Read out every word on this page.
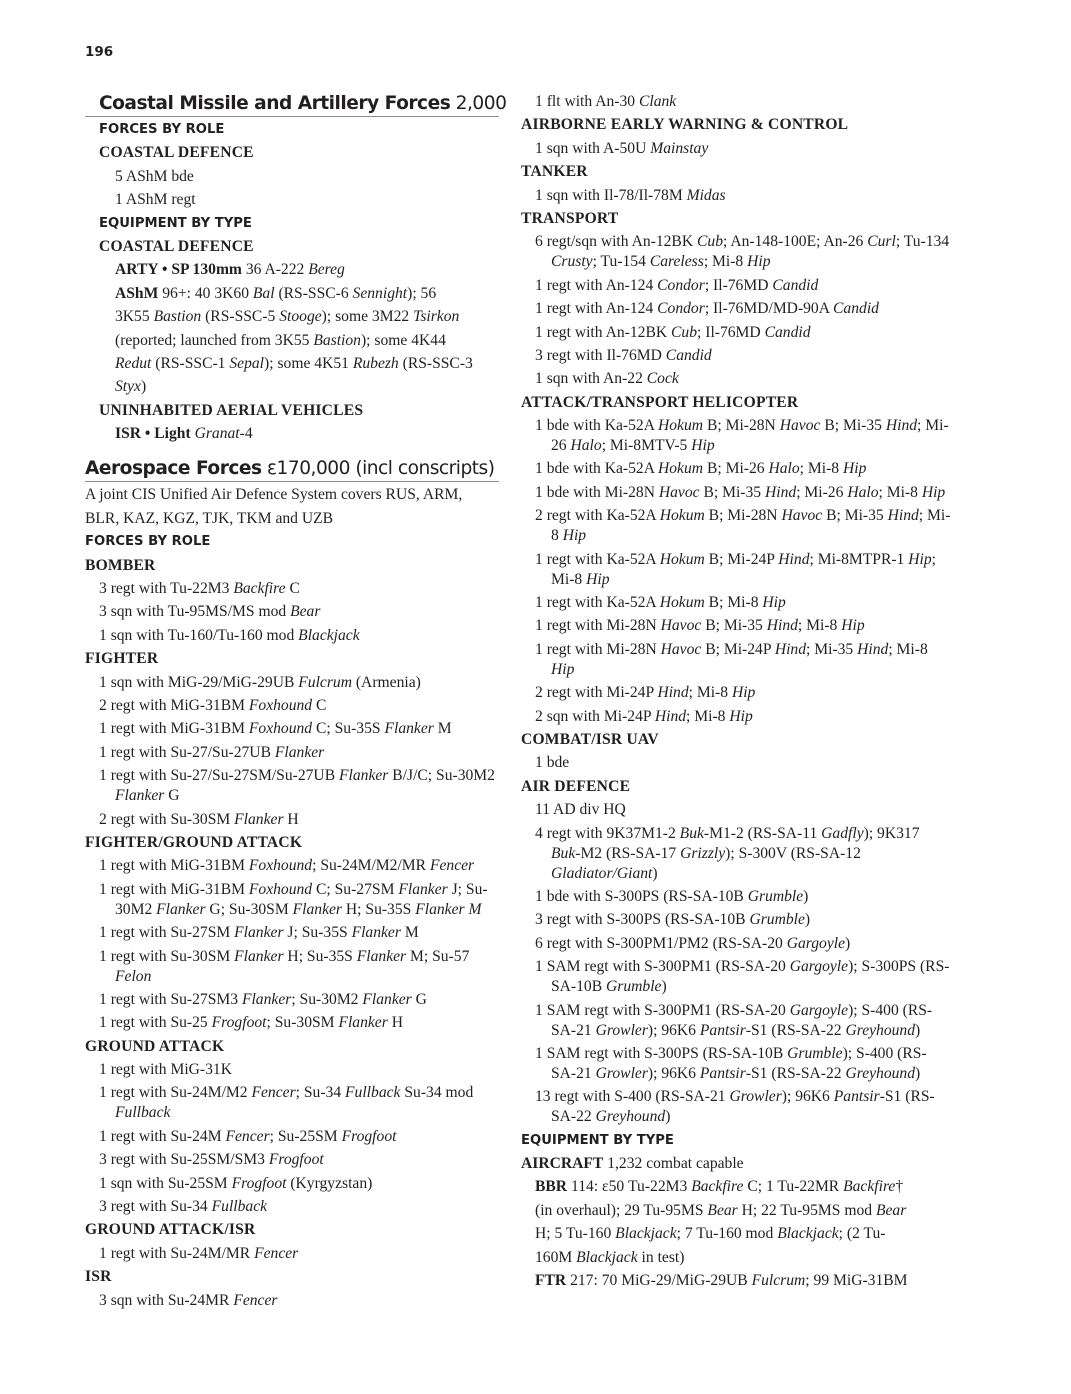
196
Coastal Missile and Artillery Forces 2,000
FORCES BY ROLE
COASTAL DEFENCE
5 AShM bde
1 AShM regt
EQUIPMENT BY TYPE
COASTAL DEFENCE
ARTY • SP 130mm 36 A-222 Bereg
AShM 96+: 40 3K60 Bal (RS-SSC-6 Sennight); 56
3K55 Bastion (RS-SSC-5 Stooge); some 3M22 Tsirkon
(reported; launched from 3K55 Bastion); some 4K44
Redut (RS-SSC-1 Sepal); some 4K51 Rubezh (RS-SSC-3
Styx)
UNINHABITED AERIAL VEHICLES
ISR • Light Granat-4
Aerospace Forces ε170,000 (incl conscripts)
A joint CIS Unified Air Defence System covers RUS, ARM,
BLR, KAZ, KGZ, TJK, TKM and UZB
FORCES BY ROLE
BOMBER
3 regt with Tu-22M3 Backfire C
3 sqn with Tu-95MS/MS mod Bear
1 sqn with Tu-160/Tu-160 mod Blackjack
FIGHTER
1 sqn with MiG-29/MiG-29UB Fulcrum (Armenia)
2 regt with MiG-31BM Foxhound C
1 regt with MiG-31BM Foxhound C; Su-35S Flanker M
1 regt with Su-27/Su-27UB Flanker
1 regt with Su-27/Su-27SM/Su-27UB Flanker B/J/C; Su-30M2 Flanker G
2 regt with Su-30SM Flanker H
FIGHTER/GROUND ATTACK
1 regt with MiG-31BM Foxhound; Su-24M/M2/MR Fencer
1 regt with MiG-31BM Foxhound C; Su-27SM Flanker J; Su-30M2 Flanker G; Su-30SM Flanker H; Su-35S Flanker M
1 regt with Su-27SM Flanker J; Su-35S Flanker M
1 regt with Su-30SM Flanker H; Su-35S Flanker M; Su-57 Felon
1 regt with Su-27SM3 Flanker; Su-30M2 Flanker G
1 regt with Su-25 Frogfoot; Su-30SM Flanker H
GROUND ATTACK
1 regt with MiG-31K
1 regt with Su-24M/M2 Fencer; Su-34 Fullback Su-34 mod Fullback
1 regt with Su-24M Fencer; Su-25SM Frogfoot
3 regt with Su-25SM/SM3 Frogfoot
1 sqn with Su-25SM Frogfoot (Kyrgyzstan)
3 regt with Su-34 Fullback
GROUND ATTACK/ISR
1 regt with Su-24M/MR Fencer
ISR
3 sqn with Su-24MR Fencer
1 flt with An-30 Clank
AIRBORNE EARLY WARNING & CONTROL
1 sqn with A-50U Mainstay
TANKER
1 sqn with Il-78/Il-78M Midas
TRANSPORT
6 regt/sqn with An-12BK Cub; An-148-100E; An-26 Curl; Tu-134 Crusty; Tu-154 Careless; Mi-8 Hip
1 regt with An-124 Condor; Il-76MD Candid
1 regt with An-124 Condor; Il-76MD/MD-90A Candid
1 regt with An-12BK Cub; Il-76MD Candid
3 regt with Il-76MD Candid
1 sqn with An-22 Cock
ATTACK/TRANSPORT HELICOPTER
1 bde with Ka-52A Hokum B; Mi-28N Havoc B; Mi-35 Hind; Mi-26 Halo; Mi-8MTV-5 Hip
1 bde with Ka-52A Hokum B; Mi-26 Halo; Mi-8 Hip
1 bde with Mi-28N Havoc B; Mi-35 Hind; Mi-26 Halo; Mi-8 Hip
2 regt with Ka-52A Hokum B; Mi-28N Havoc B; Mi-35 Hind; Mi-8 Hip
1 regt with Ka-52A Hokum B; Mi-24P Hind; Mi-8MTPR-1 Hip; Mi-8 Hip
1 regt with Ka-52A Hokum B; Mi-8 Hip
1 regt with Mi-28N Havoc B; Mi-35 Hind; Mi-8 Hip
1 regt with Mi-28N Havoc B; Mi-24P Hind; Mi-35 Hind; Mi-8 Hip
2 regt with Mi-24P Hind; Mi-8 Hip
2 sqn with Mi-24P Hind; Mi-8 Hip
COMBAT/ISR UAV
1 bde
AIR DEFENCE
11 AD div HQ
4 regt with 9K37M1-2 Buk-M1-2 (RS-SA-11 Gadfly); 9K317 Buk-M2 (RS-SA-17 Grizzly); S-300V (RS-SA-12 Gladiator/Giant)
1 bde with S-300PS (RS-SA-10B Grumble)
3 regt with S-300PS (RS-SA-10B Grumble)
6 regt with S-300PM1/PM2 (RS-SA-20 Gargoyle)
1 SAM regt with S-300PM1 (RS-SA-20 Gargoyle); S-300PS (RS-SA-10B Grumble)
1 SAM regt with S-300PM1 (RS-SA-20 Gargoyle); S-400 (RS-SA-21 Growler); 96K6 Pantsir-S1 (RS-SA-22 Greyhound)
1 SAM regt with S-300PS (RS-SA-10B Grumble); S-400 (RS-SA-21 Growler); 96K6 Pantsir-S1 (RS-SA-22 Greyhound)
13 regt with S-400 (RS-SA-21 Growler); 96K6 Pantsir-S1 (RS-SA-22 Greyhound)
EQUIPMENT BY TYPE
AIRCRAFT 1,232 combat capable
BBR 114: ε50 Tu-22M3 Backfire C; 1 Tu-22MR Backfire†
(in overhaul); 29 Tu-95MS Bear H; 22 Tu-95MS mod Bear
H; 5 Tu-160 Blackjack; 7 Tu-160 mod Blackjack; (2 Tu-
160M Blackjack in test)
FTR 217: 70 MiG-29/MiG-29UB Fulcrum; 99 MiG-31BM
